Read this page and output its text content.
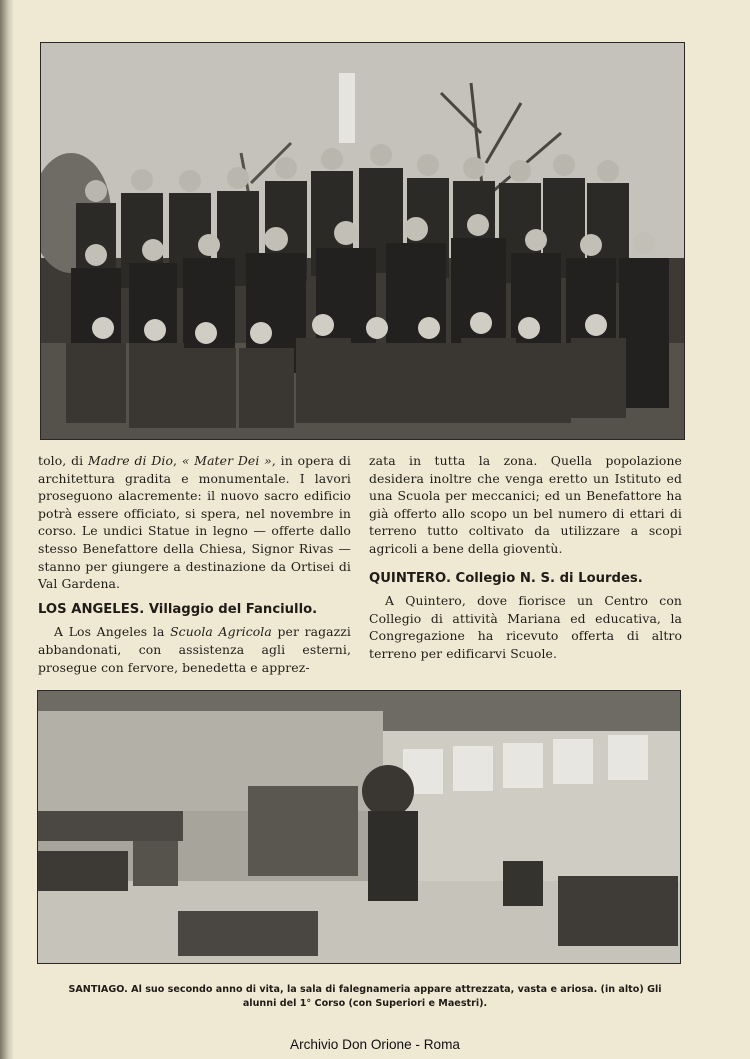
tolo, di Madre di Dio, « Mater Dei », in opera di architettura gradita e monumentale. I lavori proseguono alacremente: il nuovo sacro edificio potrà essere officiato, si spera, nel novembre in corso. Le undici Statue in legno — offerte dallo stesso Benefattore della Chiesa, Signor Rivas — stanno per giungere a destinazione da Ortisei di Val Gardena.

LOS ANGELES. Villaggio del Fanciullo.

A Los Angeles la Scuola Agricola per ragazzi abbandonati, con assistenza agli esterni, prosegue con fervore, benedetta e apprez-

zata in tutta la zona. Quella popolazione desidera inoltre che venga eretto un Istituto ed una Scuola per meccanici; ed un Benefattore ha già offerto allo scopo un bel numero di ettari di terreno tutto coltivato da utilizzare a scopi agricoli a bene della gioventù.

QUINTERO. Collegio N. S. di Lourdes.

A Quintero, dove fiorisce un Centro con Collegio di attività Mariana ed educativa, la Congregazione ha ricevuto offerta di altro terreno per edificarvi Scuole.

SANTIAGO. Al suo secondo anno di vita, la sala di falegnameria appare attrezzata, vasta e ariosa. (in alto) Gli alunni del 1° Corso (con Superiori e Maestri).
Archivio Don Orione - Roma
